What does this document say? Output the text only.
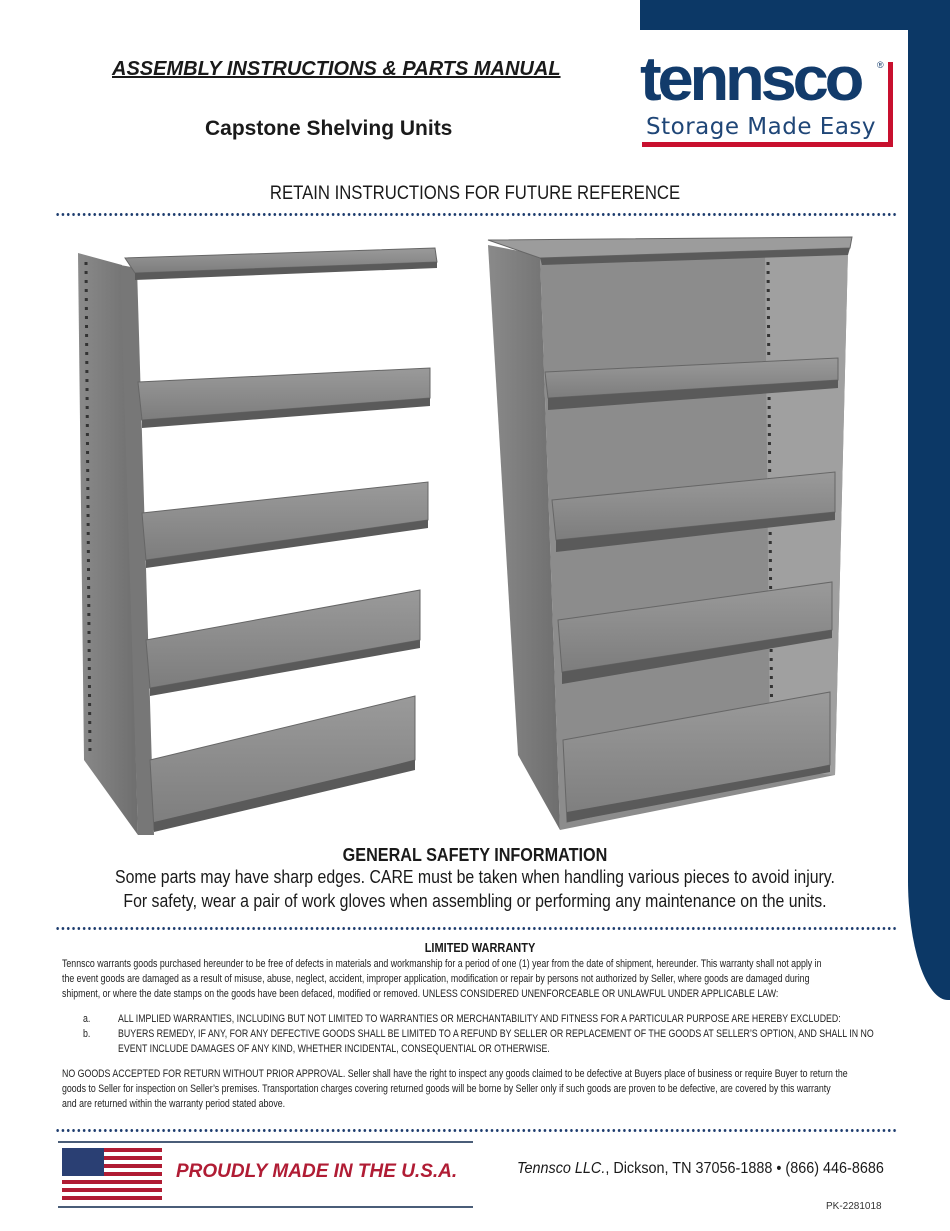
tennsco ®
Storage Made Easy
ASSEMBLY INSTRUCTIONS & PARTS MANUAL
Capstone Shelving Units
RETAIN INSTRUCTIONS FOR FUTURE REFERENCE
GENERAL SAFETY INFORMATION
Some parts may have sharp edges. CARE must be taken when handling various pieces to avoid injury.
For safety, wear a pair of work gloves when assembling or performing any maintenance on the units.
LIMITED WARRANTY
Tennsco warrants goods purchased hereunder to be free of defects in materials and workmanship for a period of one (1) year from the date of shipment, hereunder. This warranty shall not apply in
the event goods are damaged as a result of misuse, abuse, neglect, accident, improper application, modification or repair by persons not authorized by Seller, where goods are damaged during
shipment, or where the date stamps on the goods have been defaced, modified or removed. UNLESS CONSIDERED UNENFORCEABLE OR UNLAWFUL UNDER APPLICABLE LAW:
a.	ALL IMPLIED WARRANTIES, INCLUDING BUT NOT LIMITED TO WARRANTIES OR MERCHANTABILITY AND FITNESS FOR A PARTICULAR PURPOSE ARE HEREBY EXCLUDED:
b.	BUYERS REMEDY, IF ANY, FOR ANY DEFECTIVE GOODS SHALL BE LIMITED TO A REFUND BY SELLER OR REPLACEMENT OF THE GOODS AT SELLER’S OPTION, AND SHALL IN NO
EVENT INCLUDE DAMAGES OF ANY KIND, WHETHER INCIDENTAL, CONSEQUENTIAL OR OTHERWISE.
NO GOODS ACCEPTED FOR RETURN WITHOUT PRIOR APPROVAL. Seller shall have the right to inspect any goods claimed to be defective at Buyers place of business or require Buyer to return the
goods to Seller for inspection on Seller’s premises. Transportation charges covering returned goods will be borne by Seller only if such goods are proven to be defective, are covered by this warranty
and are returned within the warranty period stated above.
PROUDLY MADE IN THE U.S.A.	Tennsco LLC., Dickson, TN 37056-1888 • (866) 446-8686
PK-2281018
